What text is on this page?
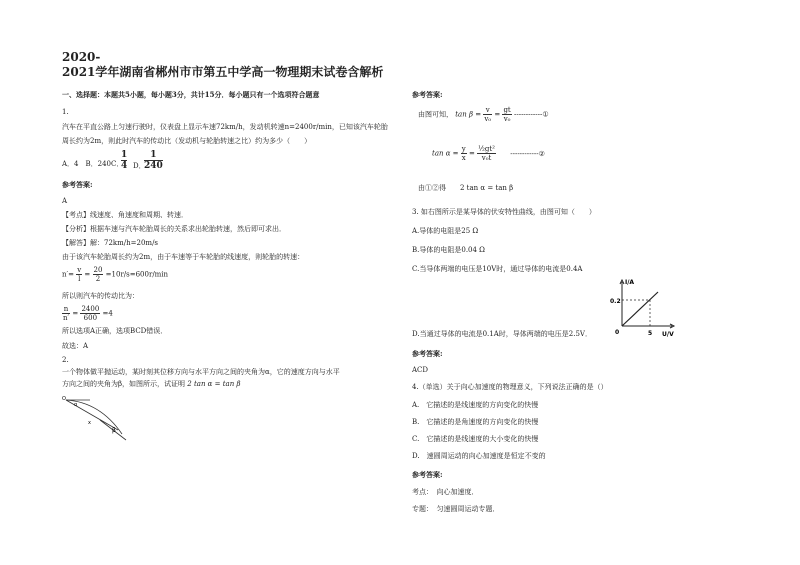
2020-
2021学年湖南省郴州市市第五中学高一物理期末试卷含解析
一、选择题：本题共5小题，每小题3分，共计15分．每小题只有一个选项符合题意
1.
汽车在平直公路上匀速行驶时，仪表盘上显示车速72km/h，发动机转速n=2400r/min，已知该汽车轮胎
周长约为2m，则此时汽车的传动比（发动机与轮胎转速之比）约为多少（　　）
A．4　B．240C．
$\frac{1}{4}$ D．
$\frac{1}{240}$
参考答案:
A
【考点】线速度、角速度和周期、转速．
【分析】根据车速与汽车轮胎周长的关系求出轮胎转速，然后即可求出．
【解答】解：72km/h=20m/s
由于该汽车轮胎周长约为2m，由于车速等于车轮胎的线速度，则轮胎的转速：
$n'= \frac{v}{l} = \frac{20}{2} =10r/s=600r/\min$
所以则汽车的传动比为：
$\frac{n}{n'} = \frac{2400}{600} =4$
所以选项A正确，选项BCD错误．
故选：A
2.
一个物体做平抛运动，某时刻其位移方向与水平方向之间的夹角为α，它的速度方向与水平
方向之间的夹角为β，如图所示，试证明 2 tan α = tan β
O
α
x
β
参考答案:
由图可知， $\tan \beta = \frac{v}{\text{v₀}} = \frac{gt}{\text{v₀}}$ ------------①
$\tan \alpha = \frac{y}{x} = \frac{\text{½gt²}}{\text{v₀t}}$ ------------②
由①②得　　2 tan α = tan β
3. 如右图所示是某导体的伏安特性曲线，由图可知（　　）
A.导体的电阻是25 Ω
B.导体的电阻是0.04 Ω
C.当导体两端的电压是10V时，通过导体的电流是0.4A
I/A
U/V
0.2
5
0
D.当通过导体的电流是0.1A时，导体两端的电压是2.5V．
参考答案:
ACD
4.（单选）关于向心加速度的物理意义，下列说法正确的是（）
A.　它描述的是线速度的方向变化的快慢
B.　它描述的是角速度的方向变化的快慢
C.　它描述的是线速度的大小变化的快慢
D.　速圆周运动的向心加速度是恒定不变的
参考答案:
考点：　向心加速度．
专题：　匀速圆周运动专题．
